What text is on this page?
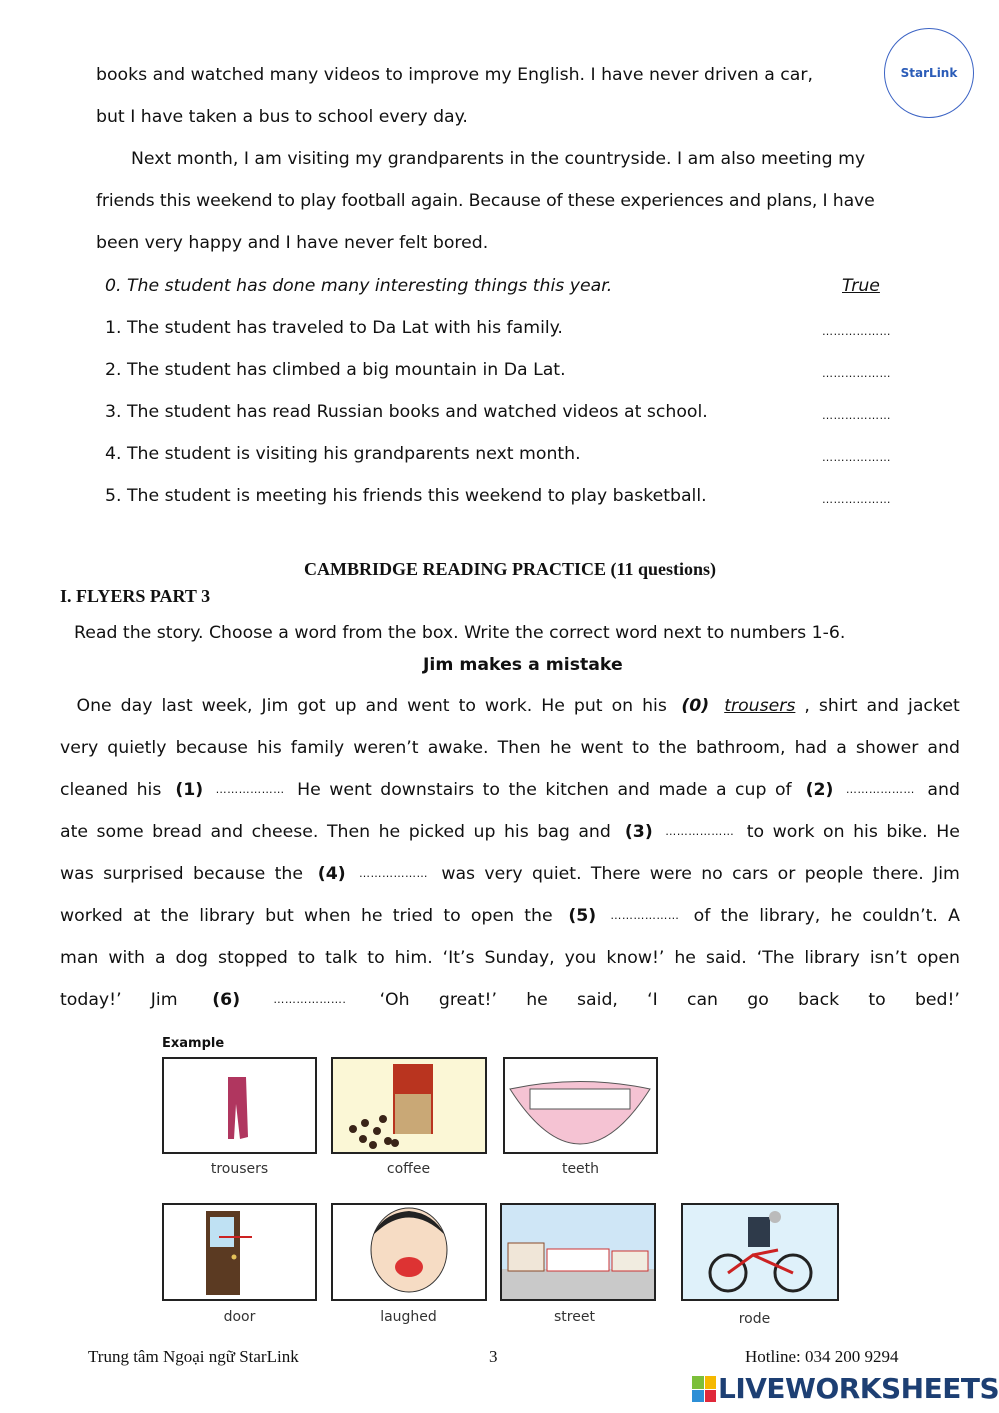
StarLink
books and watched many videos to improve my English. I have never driven a car,
but I have taken a bus to school every day.
Next month, I am visiting my grandparents in the countryside. I am also meeting my
friends this weekend to play football again. Because of these experiences and plans, I have
been very happy and I have never felt bored.
0. The student has done many interesting things this year.	True
1. The student has traveled to Da Lat with his family.	………………
2. The student has climbed a big mountain in Da Lat.	………………
3. The student has read Russian books and watched videos at school.	………………
4. The student is visiting his grandparents next month.	………………
5. The student is meeting his friends this weekend to play basketball.	………………
CAMBRIDGE READING PRACTICE (11 questions)
I. FLYERS PART 3
Read the story. Choose a word from the box. Write the correct word next to numbers 1-6.
Jim makes a mistake
One day last week, Jim got up and went to work. He put on his (0) trousers , shirt and jacket
very quietly because his family weren’t awake. Then he went to the bathroom, had a shower and
cleaned his (1) ……………… He went downstairs to the kitchen and made a cup of (2) ……………… and
ate some bread and cheese. Then he picked up his bag and (3) ……………… to work on his bike. He
was surprised because the (4) ……………… was very quiet. There were no cars or people there. Jim
worked at the library but when he tried to open the (5) ……………… of the library, he couldn’t. A
man with a dog stopped to talk to him. ‘It’s Sunday, you know!’ he said. ‘The library isn’t open
today!’ Jim (6)	………………. ‘Oh great!’ he said, ‘I can go back to bed!’
Example
trousers	coffee	teeth
door	laughed	street	rode
Trung tâm Ngoại ngữ StarLink	3	Hotline: 034 200 9294
LIVEWORKSHEETS
